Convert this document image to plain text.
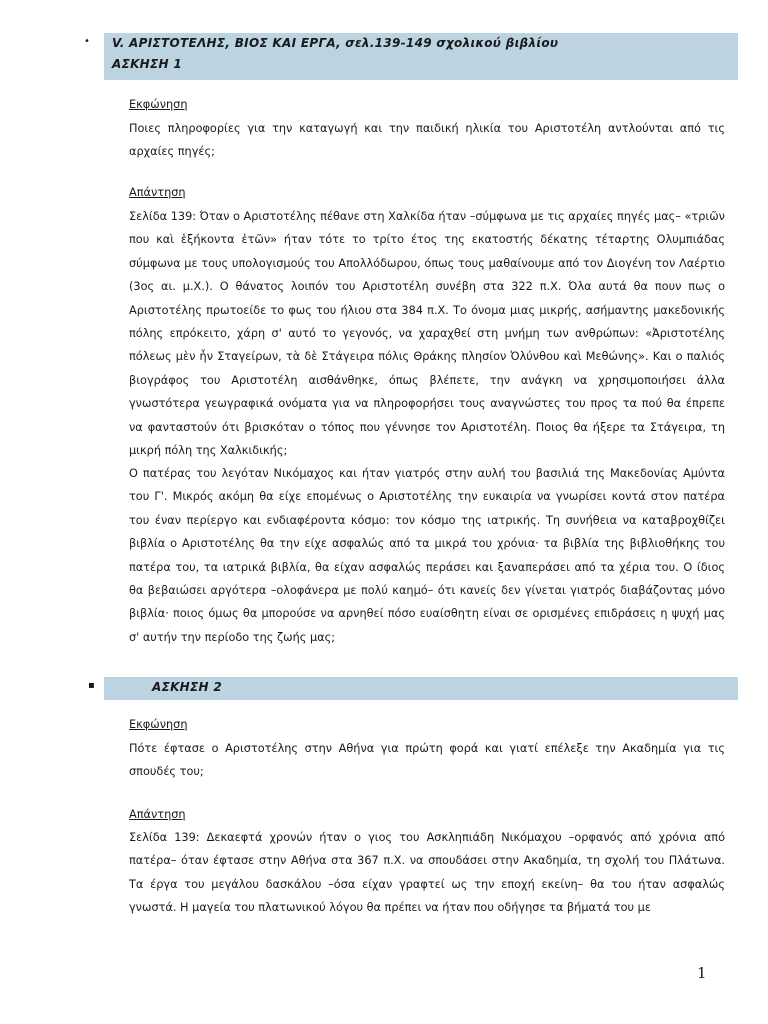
• V. ΑΡΙΣΤΟΤΕΛΗΣ, ΒΙΟΣ ΚΑΙ ΕΡΓΑ, σελ.139-149 σχολικού βιβλίου
ΑΣΚΗΣΗ 1
Εκφώνηση

Ποιες πληροφορίες για την καταγωγή και την παιδική ηλικία του Αριστοτέλη αντλούνται από τις αρχαίες πηγές;

Απάντηση

Σελίδα 139: Όταν ο Αριστοτέλης πέθανε στη Χαλκίδα ήταν –σύμφωνα με τις αρχαίες πηγές μας– «τριῶν που καὶ ἑξήκοντα ἐτῶν» ήταν τότε το τρίτο έτος της εκατοστής δέκατης τέταρτης Ολυμπιάδας σύμφωνα με τους υπολογισμούς του Απολλόδωρου, όπως τους μαθαίνουμε από τον Διογένη τον Λαέρτιο (3ος αι. μ.Χ.). Ο θάνατος λοιπόν του Αριστοτέλη συνέβη στα 322 π.Χ. Όλα αυτά θα πουν πως ο Αριστοτέλης πρωτοείδε το φως του ήλιου στα 384 π.Χ. Το όνομα μιας μικρής, ασήμαντης μακεδονικής πόλης επρόκειτο, χάρη σ' αυτό το γεγονός, να χαραχθεί στη μνήμη των ανθρώπων: «Ἀριστοτέλης πόλεως μὲν ἦν Σταγείρων, τὰ δὲ Στάγειρα πόλις Θράκης πλησίον Ὀλύνθου καὶ Μεθώνης». Και ο παλιός βιογράφος του Αριστοτέλη αισθάνθηκε, όπως βλέπετε, την ανάγκη να χρησιμοποιήσει άλλα γνωστότερα γεωγραφικά ονόματα για να πληροφορήσει τους αναγνώστες του προς τα πού θα έπρεπε να φανταστούν ότι βρισκόταν ο τόπος που γέννησε τον Αριστοτέλη. Ποιος θα ήξερε τα Στάγειρα, τη μικρή πόλη της Χαλκιδικής;

Ο πατέρας του λεγόταν Νικόμαχος και ήταν γιατρός στην αυλή του βασιλιά της Μακεδονίας Αμύντα του Γ'. Μικρός ακόμη θα είχε επομένως ο Αριστοτέλης την ευκαιρία να γνωρίσει κοντά στον πατέρα του έναν περίεργο και ενδιαφέροντα κόσμο: τον κόσμο της ιατρικής. Τη συνήθεια να καταβροχθίζει βιβλία ο Αριστοτέλης θα την είχε ασφαλώς από τα μικρά του χρόνια· τα βιβλία της βιβλιοθήκης του πατέρα του, τα ιατρικά βιβλία, θα είχαν ασφαλώς περάσει και ξαναπεράσει από τα χέρια του. Ο ίδιος θα βεβαιώσει αργότερα –ολοφάνερα με πολύ καημό– ότι κανείς δεν γίνεται γιατρός διαβάζοντας μόνο βιβλία· ποιος όμως θα μπορούσε να αρνηθεί πόσο ευαίσθητη είναι σε ορισμένες επιδράσεις η ψυχή μας σ' αυτήν την περίοδο της ζωής μας;

▪	ΑΣΚΗΣΗ 2
Εκφώνηση

Πότε έφτασε ο Αριστοτέλης στην Αθήνα για πρώτη φορά και γιατί επέλεξε την Ακαδημία για τις σπουδές του;

Απάντηση

Σελίδα 139: Δεκαεφτά χρονών ήταν ο γιος του Ασκληπιάδη Νικόμαχου –ορφανός από χρόνια από πατέρα– όταν έφτασε στην Αθήνα στα 367 π.Χ. να σπουδάσει στην Ακαδημία, τη σχολή του Πλάτωνα. Τα έργα του μεγάλου δασκάλου –όσα είχαν γραφτεί ως την εποχή εκείνη– θα του ήταν ασφαλώς γνωστά. Η μαγεία του πλατωνικού λόγου θα πρέπει να ήταν που οδήγησε τα βήματά του με

1
